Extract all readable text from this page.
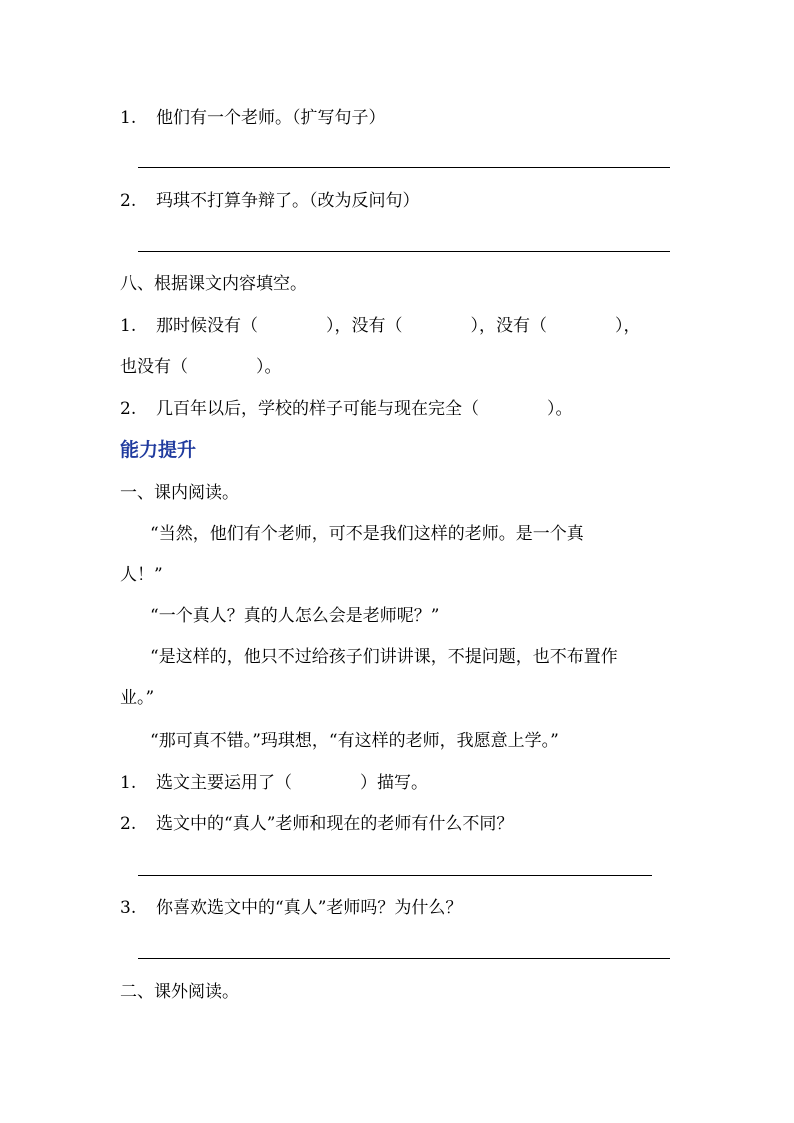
1. 他们有一个老师。（扩写句子）
2. 玛琪不打算争辩了。（改为反问句）
八、根据课文内容填空。
1. 那时候没有（　　　　），没有（　　　　），没有（　　　　），
也没有（　　　　）。
2. 几百年以后，学校的样子可能与现在完全（　　　　）。
能力提升
一、课内阅读。
“当然，他们有个老师，可不是我们这样的老师。是一个真
人！”
“一个真人？真的人怎么会是老师呢？”
“是这样的，他只不过给孩子们讲讲课，不提问题，也不布置作
业。”
“那可真不错。”玛琪想，“有这样的老师，我愿意上学。”
1. 选文主要运用了（　　　　）描写。
2. 选文中的“真人”老师和现在的老师有什么不同？
3. 你喜欢选文中的“真人”老师吗？为什么？
二、课外阅读。
